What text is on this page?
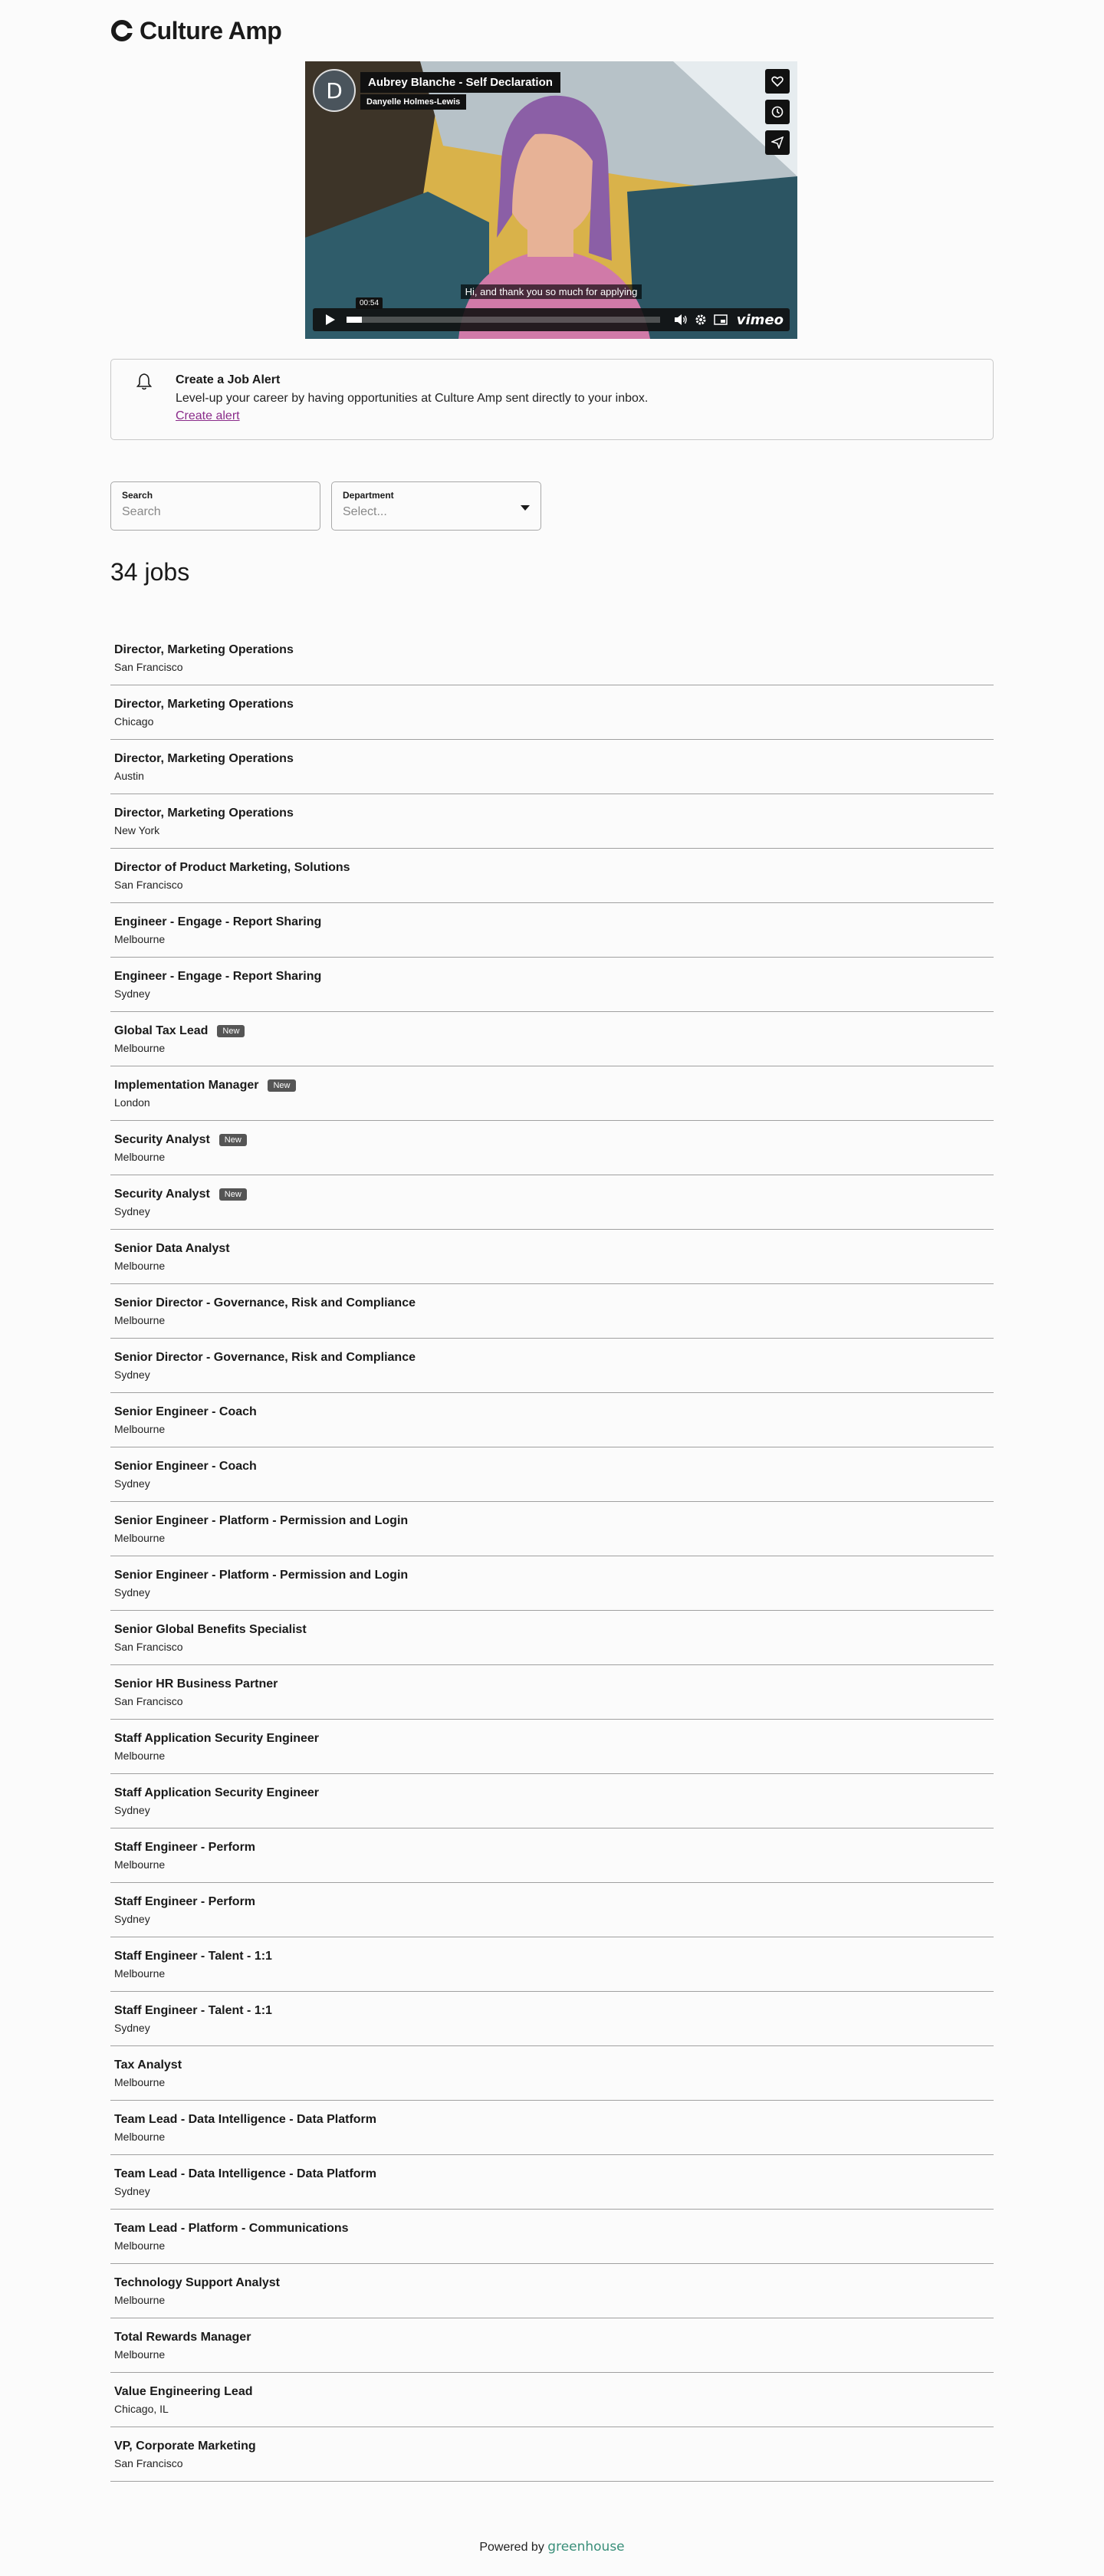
Culture Amp
D	Aubrey Blanche - Self Declaration
Danyelle Holmes-Lewis
Hi, and thank you so much for applying
00:54
vimeo
Create a Job Alert
Level-up your career by having opportunities at Culture Amp sent directly to your inbox.
Create alert
Search
Search	Department
Select...
34 jobs
Director, Marketing Operations
San Francisco
Director, Marketing Operations
Chicago
Director, Marketing Operations
Austin
Director, Marketing Operations
New York
Director of Product Marketing, Solutions
San Francisco
Engineer - Engage - Report Sharing
Melbourne
Engineer - Engage - Report Sharing
Sydney
Global Tax Lead	New
Melbourne
Implementation Manager	New
London
Security Analyst	New
Melbourne
Security Analyst	New
Sydney
Senior Data Analyst
Melbourne
Senior Director - Governance, Risk and Compliance
Melbourne
Senior Director - Governance, Risk and Compliance
Sydney
Senior Engineer - Coach
Melbourne
Senior Engineer - Coach
Sydney
Senior Engineer - Platform - Permission and Login
Melbourne
Senior Engineer - Platform - Permission and Login
Sydney
Senior Global Benefits Specialist
San Francisco
Senior HR Business Partner
San Francisco
Staff Application Security Engineer
Melbourne
Staff Application Security Engineer
Sydney
Staff Engineer - Perform
Melbourne
Staff Engineer - Perform
Sydney
Staff Engineer - Talent - 1:1
Melbourne
Staff Engineer - Talent - 1:1
Sydney
Tax Analyst
Melbourne
Team Lead - Data Intelligence - Data Platform
Melbourne
Team Lead - Data Intelligence - Data Platform
Sydney
Team Lead - Platform - Communications
Melbourne
Technology Support Analyst
Melbourne
Total Rewards Manager
Melbourne
Value Engineering Lead
Chicago, IL
VP, Corporate Marketing
San Francisco
Powered by greenhouse
